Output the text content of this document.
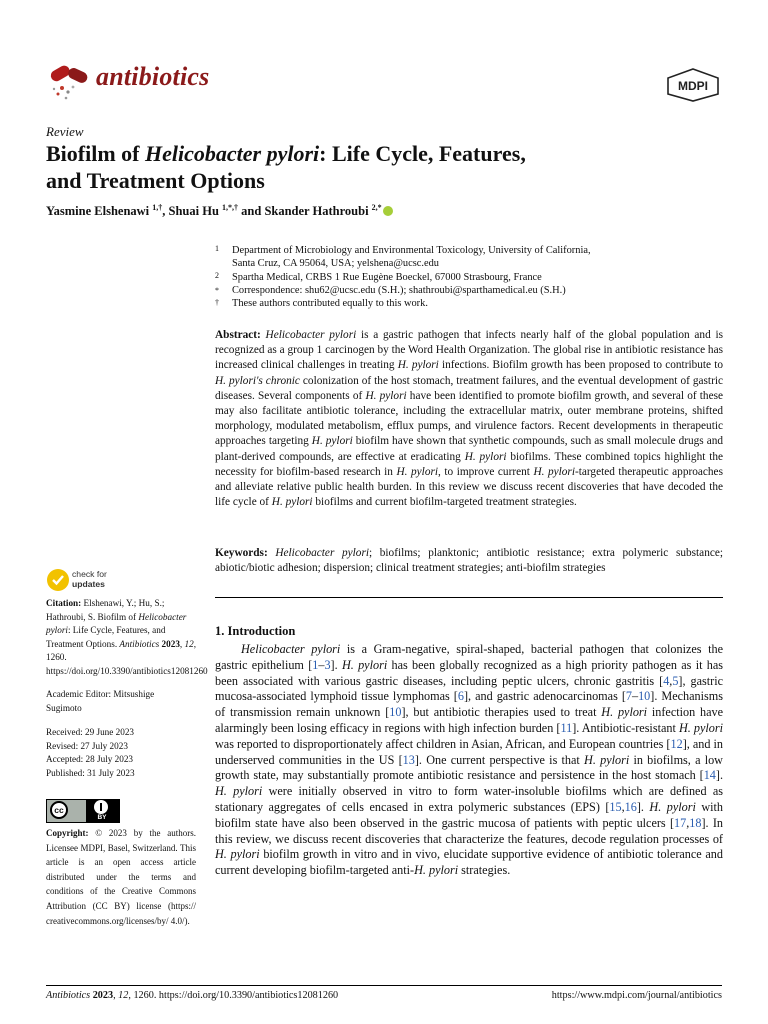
antibiotics	MDPI
Review
Biofilm of Helicobacter pylori: Life Cycle, Features,
and Treatment Options
Yasmine Elshenawi $^{1,\dagger}$, Shuai Hu $^{1,*,\dagger}$ and Skander Hathroubi $^{2,*}$
1 Department of Microbiology and Environmental Toxicology, University of California,
Santa Cruz, CA 95064, USA; yelshena@ucsc.edu
2 Spartha Medical, CRBS 1 Rue Eugène Boeckel, 67000 Strasbourg, France
* Correspondence: shu62@ucsc.edu (S.H.); shathroubi@sparthamedical.eu (S.H.)
† These authors contributed equally to this work.
Abstract: Helicobacter pylori is a gastric pathogen that infects nearly half of the global population and is recognized as a group 1 carcinogen by the Word Health Organization. The global rise in antibiotic resistance has increased clinical challenges in treating H. pylori infections. Biofilm growth has been proposed to contribute to H. pylori's chronic colonization of the host stomach, treatment failures, and the eventual development of gastric diseases. Several components of H. pylori have been identified to promote biofilm growth, and several of these may also facilitate antibiotic tolerance, including the extracellular matrix, outer membrane proteins, shifted morphology, modulated metabolism, efflux pumps, and virulence factors. Recent developments in therapeutic approaches targeting H. pylori biofilm have shown that synthetic compounds, such as small molecule drugs and plant-derived compounds, are effective at eradicating H. pylori biofilms. These combined topics highlight the necessity for biofilm-based research in H. pylori, to improve current H. pylori-targeted therapeutic approaches and alleviate relative public health burden. In this review we discuss recent discoveries that have decoded the life cycle of H. pylori biofilms and current biofilm-targeted treatment strategies.
Keywords: Helicobacter pylori; biofilms; planktonic; antibiotic resistance; extra polymeric substance; abiotic/biotic adhesion; dispersion; clinical treatment strategies; anti-biofilm strategies
check for
updates
Citation: Elshenawi, Y.; Hu, S.; Hathroubi, S. Biofilm of Helicobacter pylori: Life Cycle, Features, and Treatment Options. Antibiotics 2023, 12, 1260. https://doi.org/10.3390/antibiotics12081260
Academic Editor: Mitsushige Sugimoto
Received: 29 June 2023
Revised: 27 July 2023
Accepted: 28 July 2023
Published: 31 July 2023
cc
BY
Copyright: © 2023 by the authors. Licensee MDPI, Basel, Switzerland. This article is an open access article distributed under the terms and conditions of the Creative Commons Attribution (CC BY) license (https:// creativecommons.org/licenses/by/ 4.0/).
1. Introduction
Helicobacter pylori is a Gram-negative, spiral-shaped, bacterial pathogen that colonizes the gastric epithelium [1–3]. H. pylori has been globally recognized as a high priority pathogen as it has been associated with various gastric diseases, including peptic ulcers, chronic gastritis [4,5], gastric mucosa-associated lymphoid tissue lymphomas [6], and gastric adenocarcinomas [7–10]. Mechanisms of transmission remain unknown [10], but antibiotic therapies used to treat H. pylori infection have alarmingly been losing efficacy in regions with high infection burden [11]. Antibiotic-resistant H. pylori was reported to disproportionately affect children in Asian, African, and European countries [12], and in underserved communities in the US [13]. One current perspective is that H. pylori in biofilms, a low growth state, may substantially promote antibiotic resistance and persistence in the host stomach [14]. H. pylori were initially observed in vitro to form water-insoluble biofilms which are defined as stationary aggregates of cells encased in extra polymeric substances (EPS) [15,16]. H. pylori with biofilm state have also been observed in the gastric mucosa of patients with peptic ulcers [17,18]. In this review, we discuss recent discoveries that characterize the features, decode regulation processes of H. pylori biofilm growth in vitro and in vivo, elucidate supportive evidence of antibiotic tolerance and current developing biofilm-targeted anti-H. pylori strategies.
Antibiotics 2023, 12, 1260. https://doi.org/10.3390/antibiotics12081260	https://www.mdpi.com/journal/antibiotics
